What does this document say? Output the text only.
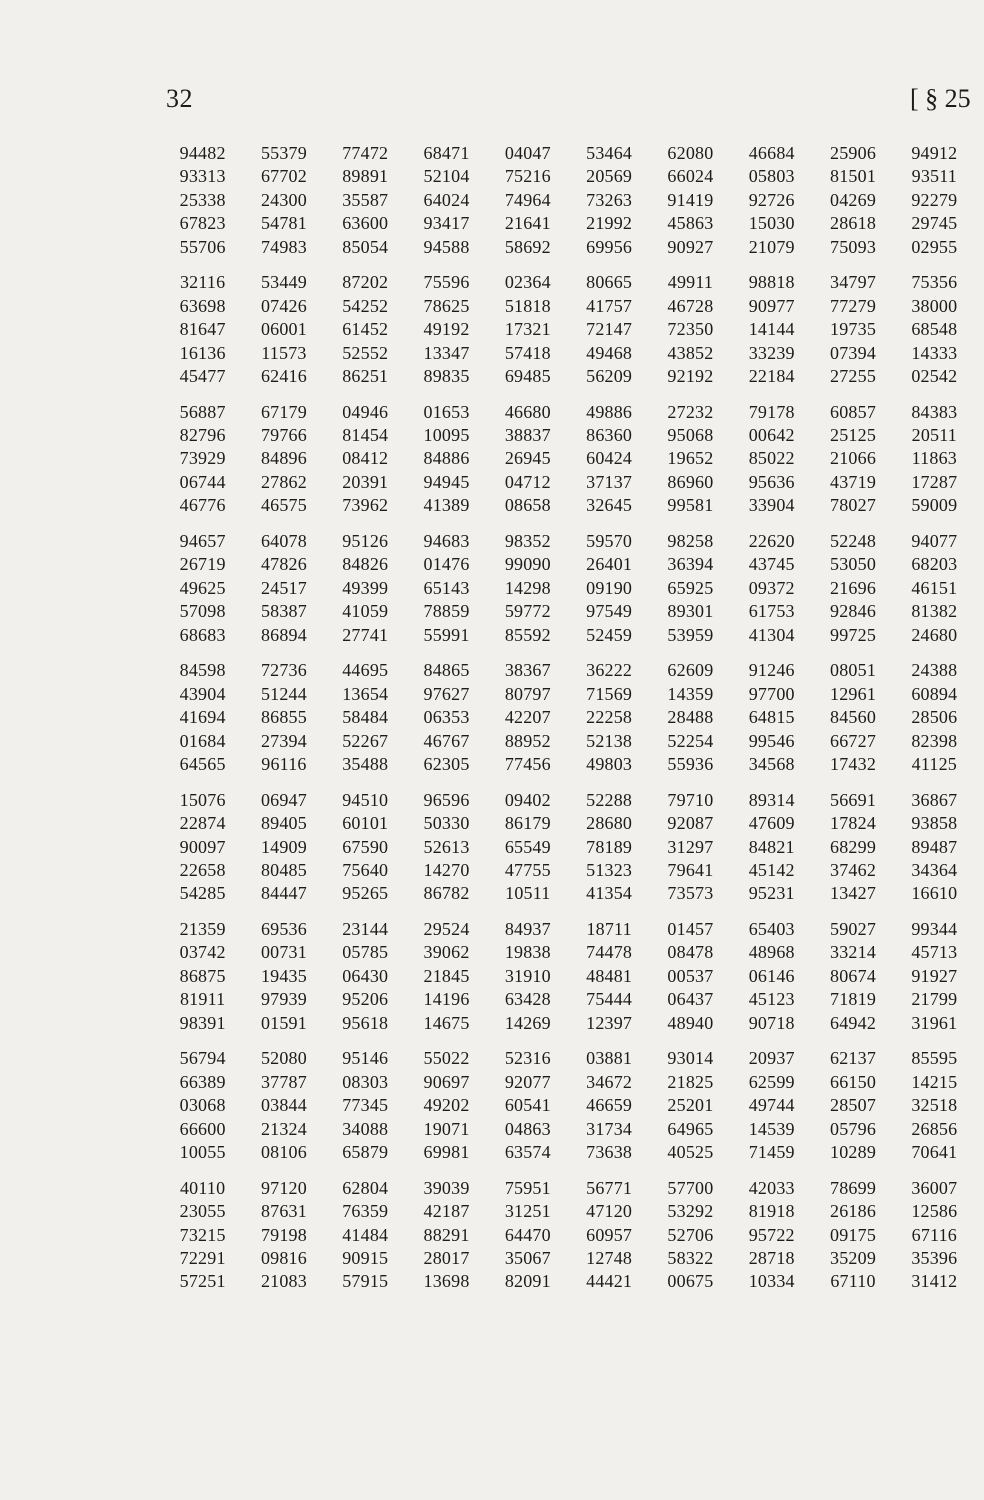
32	[ § 25
94482	55379	77472	68471	04047	53464	62080	46684	25906	94912
93313	67702	89891	52104	75216	20569	66024	05803	81501	93511
25338	24300	35587	64024	74964	73263	91419	92726	04269	92279
67823	54781	63600	93417	21641	21992	45863	15030	28618	29745
55706	74983	85054	94588	58692	69956	90927	21079	75093	02955
32116	53449	87202	75596	02364	80665	49911	98818	34797	75356
63698	07426	54252	78625	51818	41757	46728	90977	77279	38000
81647	06001	61452	49192	17321	72147	72350	14144	19735	68548
16136	11573	52552	13347	57418	49468	43852	33239	07394	14333
45477	62416	86251	89835	69485	56209	92192	22184	27255	02542
56887	67179	04946	01653	46680	49886	27232	79178	60857	84383
82796	79766	81454	10095	38837	86360	95068	00642	25125	20511
73929	84896	08412	84886	26945	60424	19652	85022	21066	11863
06744	27862	20391	94945	04712	37137	86960	95636	43719	17287
46776	46575	73962	41389	08658	32645	99581	33904	78027	59009
94657	64078	95126	94683	98352	59570	98258	22620	52248	94077
26719	47826	84826	01476	99090	26401	36394	43745	53050	68203
49625	24517	49399	65143	14298	09190	65925	09372	21696	46151
57098	58387	41059	78859	59772	97549	89301	61753	92846	81382
68683	86894	27741	55991	85592	52459	53959	41304	99725	24680
84598	72736	44695	84865	38367	36222	62609	91246	08051	24388
43904	51244	13654	97627	80797	71569	14359	97700	12961	60894
41694	86855	58484	06353	42207	22258	28488	64815	84560	28506
01684	27394	52267	46767	88952	52138	52254	99546	66727	82398
64565	96116	35488	62305	77456	49803	55936	34568	17432	41125
15076	06947	94510	96596	09402	52288	79710	89314	56691	36867
22874	89405	60101	50330	86179	28680	92087	47609	17824	93858
90097	14909	67590	52613	65549	78189	31297	84821	68299	89487
22658	80485	75640	14270	47755	51323	79641	45142	37462	34364
54285	84447	95265	86782	10511	41354	73573	95231	13427	16610
21359	69536	23144	29524	84937	18711	01457	65403	59027	99344
03742	00731	05785	39062	19838	74478	08478	48968	33214	45713
86875	19435	06430	21845	31910	48481	00537	06146	80674	91927
81911	97939	95206	14196	63428	75444	06437	45123	71819	21799
98391	01591	95618	14675	14269	12397	48940	90718	64942	31961
56794	52080	95146	55022	52316	03881	93014	20937	62137	85595
66389	37787	08303	90697	92077	34672	21825	62599	66150	14215
03068	03844	77345	49202	60541	46659	25201	49744	28507	32518
66600	21324	34088	19071	04863	31734	64965	14539	05796	26856
10055	08106	65879	69981	63574	73638	40525	71459	10289	70641
40110	97120	62804	39039	75951	56771	57700	42033	78699	36007
23055	87631	76359	42187	31251	47120	53292	81918	26186	12586
73215	79198	41484	88291	64470	60957	52706	95722	09175	67116
72291	09816	90915	28017	35067	12748	58322	28718	35209	35396
57251	21083	57915	13698	82091	44421	00675	10334	67110	31412
